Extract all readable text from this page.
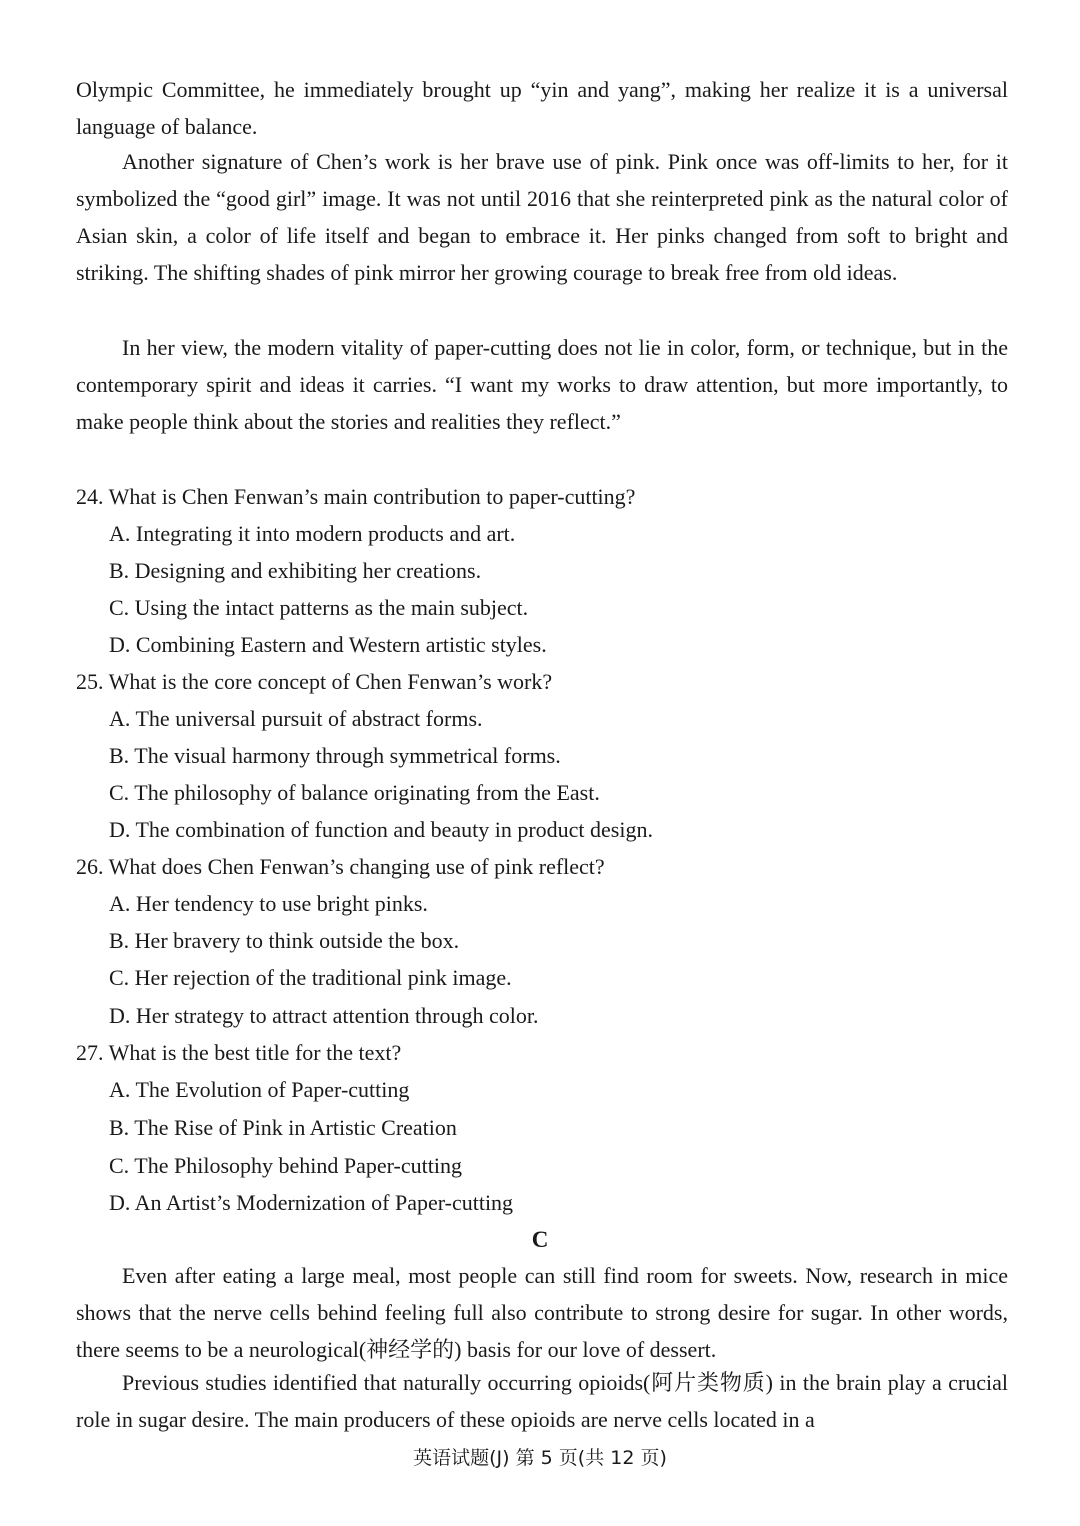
Olympic Committee, he immediately brought up “yin and yang”, making her realize it is a universal language of balance.

Another signature of Chen’s work is her brave use of pink. Pink once was off-limits to her, for it symbolized the “good girl” image. It was not until 2016 that she reinterpreted pink as the natural color of Asian skin, a color of life itself and began to embrace it. Her pinks changed from soft to bright and striking. The shifting shades of pink mirror her growing courage to break free from old ideas.

In her view, the modern vitality of paper-cutting does not lie in color, form, or technique, but in the contemporary spirit and ideas it carries. “I want my works to draw attention, but more importantly, to make people think about the stories and realities they reflect.”

24. What is Chen Fenwan’s main contribution to paper-cutting?

A. Integrating it into modern products and art.

B. Designing and exhibiting her creations.

C. Using the intact patterns as the main subject.

D. Combining Eastern and Western artistic styles.

25. What is the core concept of Chen Fenwan’s work?

A. The universal pursuit of abstract forms.

B. The visual harmony through symmetrical forms.

C. The philosophy of balance originating from the East.

D. The combination of function and beauty in product design.

26. What does Chen Fenwan’s changing use of pink reflect?

A. Her tendency to use bright pinks.

B. Her bravery to think outside the box.

C. Her rejection of the traditional pink image.

D. Her strategy to attract attention through color.

27. What is the best title for the text?

A. The Evolution of Paper-cutting

B. The Rise of Pink in Artistic Creation

C. The Philosophy behind Paper-cutting

D. An Artist’s Modernization of Paper-cutting

C

Even after eating a large meal, most people can still find room for sweets. Now, research in mice shows that the nerve cells behind feeling full also contribute to strong desire for sugar. In other words, there seems to be a neurological(神经学的) basis for our love of dessert.

Previous studies identified that naturally occurring opioids(阿片类物质) in the brain play a crucial role in sugar desire. The main producers of these opioids are nerve cells located in a

英语试题(J) 第 5 页(共 12 页)
